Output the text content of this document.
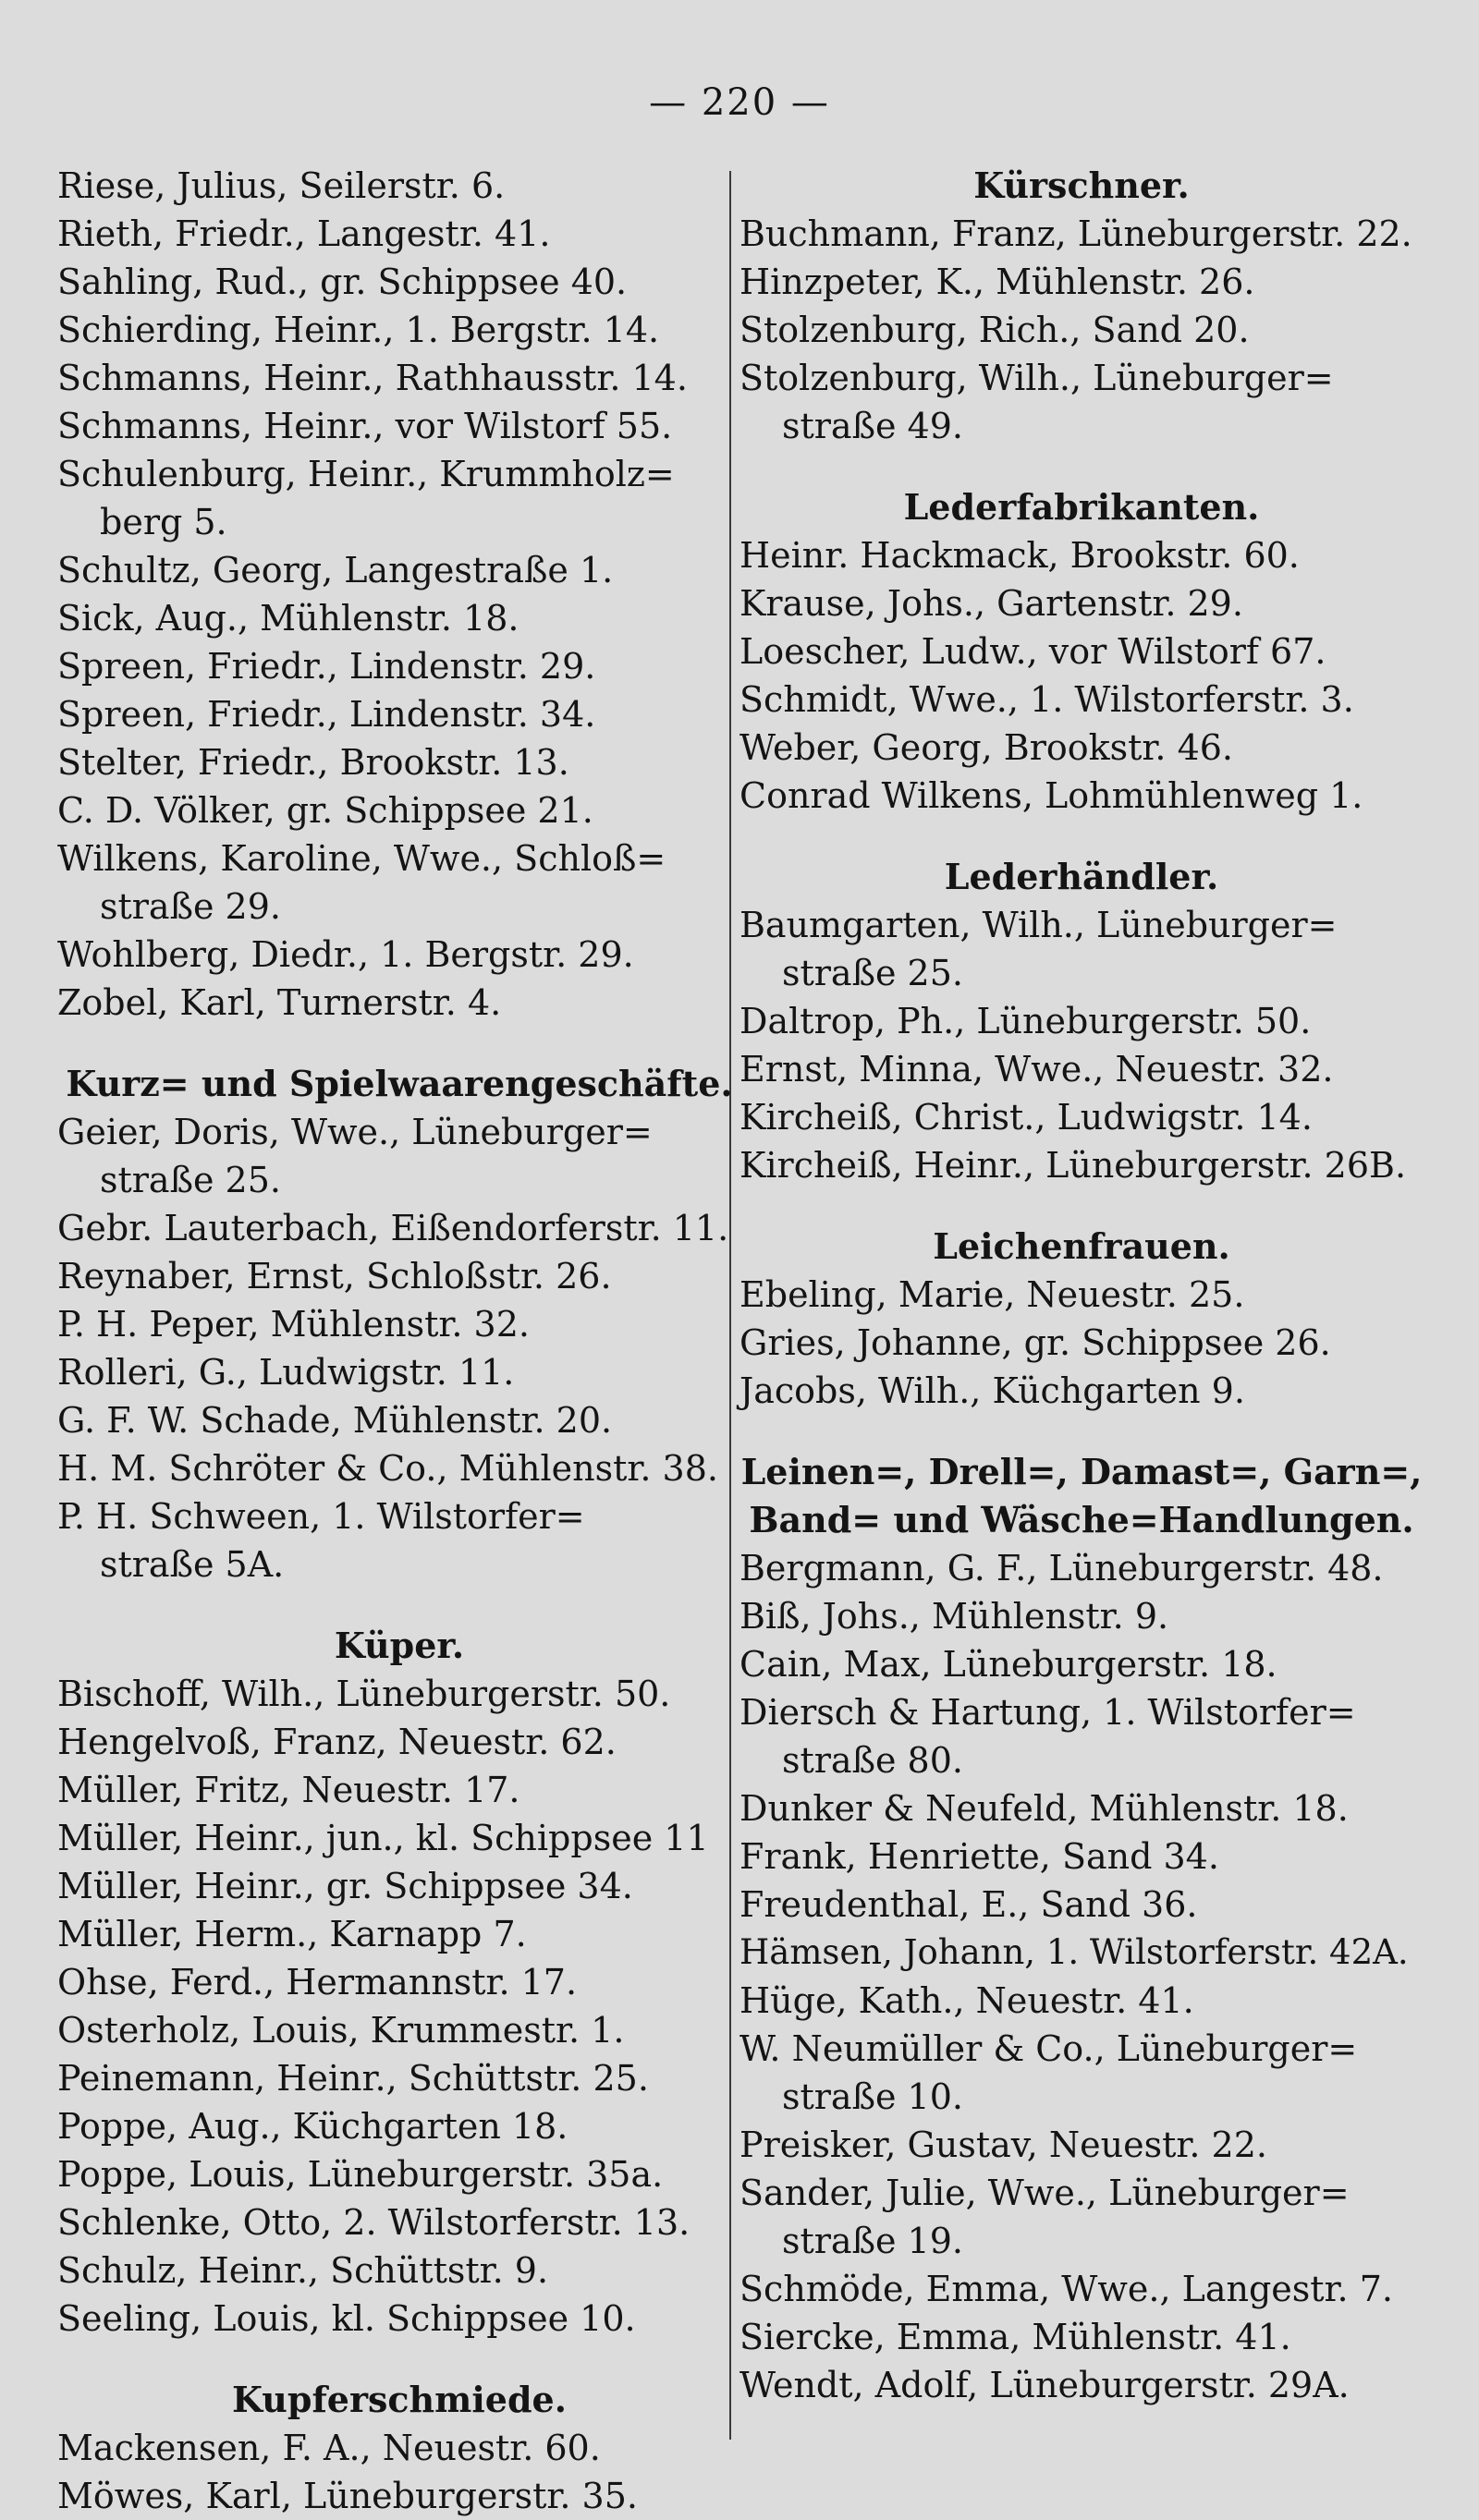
— 220 —

Riese, Julius, Seilerstr. 6.

Rieth, Friedr., Langestr. 41.

Sahling, Rud., gr. Schippsee 40.

Schierding, Heinr., 1. Bergstr. 14.

Schmanns, Heinr., Rathhausstr. 14.

Schmanns, Heinr., vor Wilstorf 55.

Schulenburg, Heinr., Krummholz=

berg 5.

Schultz, Georg, Langestraße 1.

Sick, Aug., Mühlenstr. 18.

Spreen, Friedr., Lindenstr. 29.

Spreen, Friedr., Lindenstr. 34.

Stelter, Friedr., Brookstr. 13.

C. D. Völker, gr. Schippsee 21.

Wilkens, Karoline, Wwe., Schloß=

straße 29.

Wohlberg, Diedr., 1. Bergstr. 29.

Zobel, Karl, Turnerstr. 4.

Kurz= und Spielwaarengeschäfte.

Geier, Doris, Wwe., Lüneburger=

straße 25.

Gebr. Lauterbach, Eißendorferstr. 11.

Reynaber, Ernst, Schloßstr. 26.

P. H. Peper, Mühlenstr. 32.

Rolleri, G., Ludwigstr. 11.

G. F. W. Schade, Mühlenstr. 20.

H. M. Schröter & Co., Mühlenstr. 38.

P. H. Schween, 1. Wilstorfer=

straße 5A.

Küper.

Bischoff, Wilh., Lüneburgerstr. 50.

Hengelvoß, Franz, Neuestr. 62.

Müller, Fritz, Neuestr. 17.

Müller, Heinr., jun., kl. Schippsee 11

Müller, Heinr., gr. Schippsee 34.

Müller, Herm., Karnapp 7.

Ohse, Ferd., Hermannstr. 17.

Osterholz, Louis, Krummestr. 1.

Peinemann, Heinr., Schüttstr. 25.

Poppe, Aug., Küchgarten 18.

Poppe, Louis, Lüneburgerstr. 35a.

Schlenke, Otto, 2. Wilstorferstr. 13.

Schulz, Heinr., Schüttstr. 9.

Seeling, Louis, kl. Schippsee 10.

Kupferschmiede.

Mackensen, F. A., Neuestr. 60.

Möwes, Karl, Lüneburgerstr. 35.

Kürschner.

Buchmann, Franz, Lüneburgerstr. 22.

Hinzpeter, K., Mühlenstr. 26.

Stolzenburg, Rich., Sand 20.

Stolzenburg, Wilh., Lüneburger=

straße 49.

Lederfabrikanten.

Heinr. Hackmack, Brookstr. 60.

Krause, Johs., Gartenstr. 29.

Loescher, Ludw., vor Wilstorf 67.

Schmidt, Wwe., 1. Wilstorferstr. 3.

Weber, Georg, Brookstr. 46.

Conrad Wilkens, Lohmühlenweg 1.

Lederhändler.

Baumgarten, Wilh., Lüneburger=

straße 25.

Daltrop, Ph., Lüneburgerstr. 50.

Ernst, Minna, Wwe., Neuestr. 32.

Kircheiß, Christ., Ludwigstr. 14.

Kircheiß, Heinr., Lüneburgerstr. 26B.

Leichenfrauen.

Ebeling, Marie, Neuestr. 25.

Gries, Johanne, gr. Schippsee 26.

Jacobs, Wilh., Küchgarten 9.

Leinen=, Drell=, Damast=, Garn=,

Band= und Wäsche=Handlungen.

Bergmann, G. F., Lüneburgerstr. 48.

Biß, Johs., Mühlenstr. 9.

Cain, Max, Lüneburgerstr. 18.

Diersch & Hartung, 1. Wilstorfer=

straße 80.

Dunker & Neufeld, Mühlenstr. 18.

Frank, Henriette, Sand 34.

Freudenthal, E., Sand 36.

Hämsen, Johann, 1. Wilstorferstr. 42A.

Hüge, Kath., Neuestr. 41.

W. Neumüller & Co., Lüneburger=

straße 10.

Preisker, Gustav, Neuestr. 22.

Sander, Julie, Wwe., Lüneburger=

straße 19.

Schmöde, Emma, Wwe., Langestr. 7.

Siercke, Emma, Mühlenstr. 41.

Wendt, Adolf, Lüneburgerstr. 29A.
